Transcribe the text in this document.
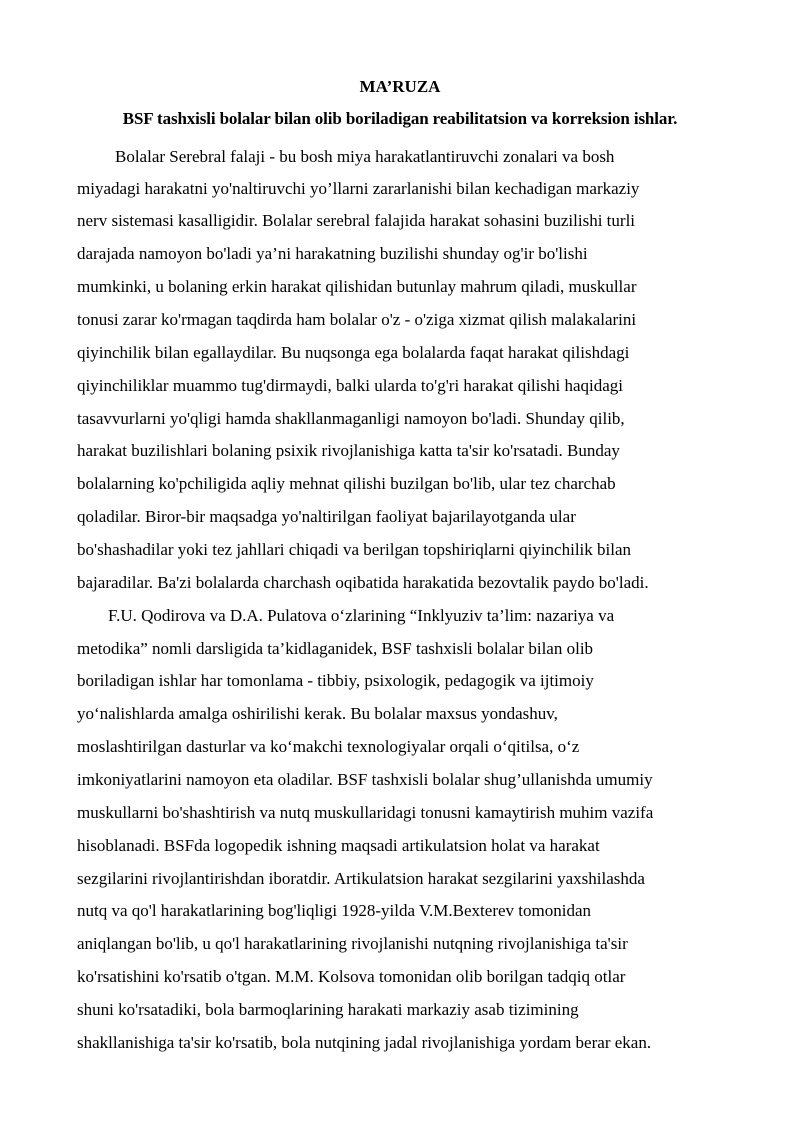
MA’RUZA
BSF tashxisli bolalar bilan olib boriladigan reabilitatsion va korreksion ishlar.
Bolalar Serebral falaji - bu bosh miya harakatlantiruvchi zonalari va bosh
miyadagi harakatni yo'naltiruvchi yo’llarni zararlanishi bilan kechadigan markaziy
nerv sistemasi kasalligidir. Bolalar serebral falajida harakat sohasini buzilishi turli
darajada namoyon bo'ladi ya’ni harakatning buzilishi shunday og'ir bo'lishi
mumkinki, u bolaning erkin harakat qilishidan butunlay mahrum qiladi, muskullar
tonusi zarar ko'rmagan taqdirda ham bolalar o'z - o'ziga xizmat qilish malakalarini
qiyinchilik bilan egallaydilar. Bu nuqsonga ega bolalarda faqat harakat qilishdagi
qiyinchiliklar muammo tug'dirmaydi, balki ularda to'g'ri harakat qilishi haqidagi
tasavvurlarni yo'qligi hamda shakllanmaganligi namoyon bo'ladi. Shunday qilib,
harakat buzilishlari bolaning psixik rivojlanishiga katta ta'sir ko'rsatadi. Bunday
bolalarning ko'pchiligida aqliy mehnat qilishi buzilgan bo'lib, ular tez charchab
qoladilar. Biror-bir maqsadga yo'naltirilgan faoliyat bajarilayotganda ular
bo'shashadilar yoki tez jahllari chiqadi va berilgan topshiriqlarni qiyinchilik bilan
bajaradilar. Ba'zi bolalarda charchash oqibatida harakatida bezovtalik paydo bo'ladi.
F.U. Qodirova va D.A. Pulatova o‘zlarining “Inklyuziv ta’lim: nazariya va
metodika” nomli darsligida ta’kidlaganidek, BSF tashxisli bolalar bilan olib
boriladigan ishlar har tomonlama - tibbiy, psixologik, pedagogik va ijtimoiy
yo‘nalishlarda amalga oshirilishi kerak. Bu bolalar maxsus yondashuv,
moslashtirilgan dasturlar va ko‘makchi texnologiyalar orqali o‘qitilsa, o‘z
imkoniyatlarini namoyon eta oladilar. BSF tashxisli bolalar shug’ullanishda umumiy
muskullarni bo'shashtirish va nutq muskullaridagi tonusni kamaytirish muhim vazifa
hisoblanadi. BSFda logopedik ishning maqsadi artikulatsion holat va harakat
sezgilarini rivojlantirishdan iboratdir. Artikulatsion harakat sezgilarini yaxshilashda
nutq va qo'l harakatlarining bog'liqligi 1928-yilda V.M.Bexterev tomonidan
aniqlangan bo'lib, u qo'l harakatlarining rivojlanishi nutqning rivojlanishiga ta'sir
ko'rsatishini ko'rsatib o'tgan. M.M. Kolsova tomonidan olib borilgan tadqiq otlar
shuni ko'rsatadiki, bola barmoqlarining harakati markaziy asab tizimining
shakllanishiga ta'sir ko'rsatib, bola nutqining jadal rivojlanishiga yordam berar ekan.
